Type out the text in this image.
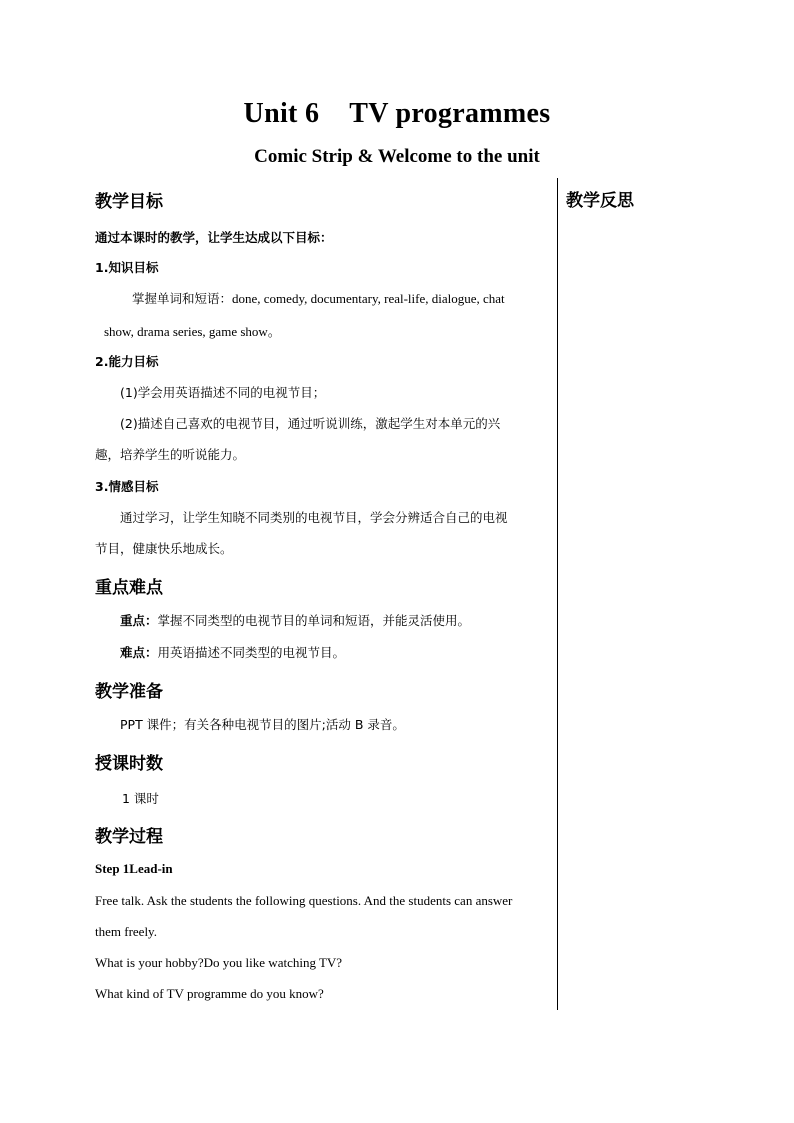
Unit 6 TV programmes
Comic Strip & Welcome to the unit
教学反思
教学目标
通过本课时的教学，让学生达成以下目标：
1.知识目标
掌握单词和短语：done, comedy, documentary, real-life, dialogue, chat
show, drama series, game show。
2.能力目标
(1)学会用英语描述不同的电视节目；
(2)描述自己喜欢的电视节目，通过听说训练，激起学生对本单元的兴
趣，培养学生的听说能力。
3.情感目标
通过学习，让学生知晓不同类别的电视节目，学会分辨适合自己的电视
节目，健康快乐地成长。
重点难点
重点：掌握不同类型的电视节目的单词和短语，并能灵活使用。
难点：用英语描述不同类型的电视节目。
教学准备
PPT 课件；有关各种电视节目的图片;活动 B 录音。
授课时数
1 课时
教学过程
Step 1Lead-in
Free talk. Ask the students the following questions. And the students can answer
them freely.
What is your hobby?Do you like watching TV?
What kind of TV programme do you know?
